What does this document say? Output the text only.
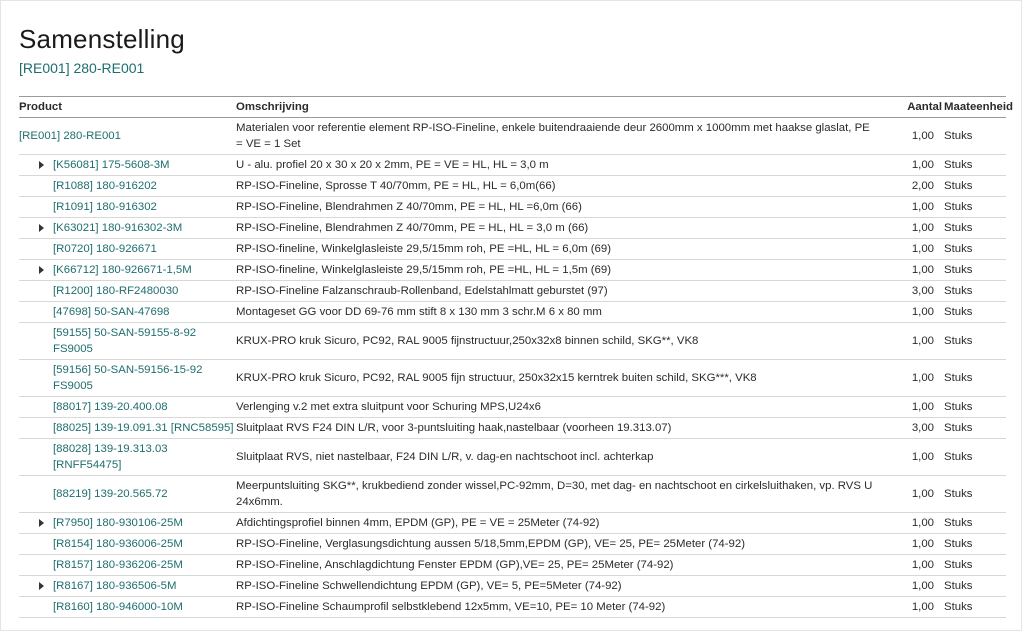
Samenstelling
[RE001] 280-RE001
Product	Omschrijving	Aantal	Maateenheid
[RE001] 280-RE001	Materialen voor referentie element RP-ISO-Fineline, enkele buitendraaiende deur 2600mm x 1000mm met haakse glaslat, PE = VE = 1 Set	1,00	Stuks

[K56081] 175-5608-3M	U - alu. profiel 20 x 30 x 20 x 2mm, PE = VE = HL, HL = 3,0 m	1,00	Stuks
[R1088] 180-916202	RP-ISO-Fineline, Sprosse T 40/70mm, PE = HL, HL = 6,0m(66)	2,00	Stuks
[R1091] 180-916302	RP-ISO-Fineline, Blendrahmen Z 40/70mm, PE = HL, HL =6,0m (66)	1,00	Stuks

[K63021] 180-916302-3M	RP-ISO-Fineline, Blendrahmen Z 40/70mm, PE = HL, HL = 3,0 m (66)	1,00	Stuks
[R0720] 180-926671	RP-ISO-fineline, Winkelglasleiste 29,5/15mm roh, PE =HL, HL = 6,0m (69)	1,00	Stuks

[K66712] 180-926671-1,5M	RP-ISO-fineline, Winkelglasleiste 29,5/15mm roh, PE =HL, HL = 1,5m (69)	1,00	Stuks
[R1200] 180-RF2480030	RP-ISO-Fineline Falzanschraub-Rollenband, Edelstahlmatt geburstet (97)	3,00	Stuks
[47698] 50-SAN-47698	Montageset GG voor DD 69-76 mm stift 8 x 130 mm 3 schr.M 6 x 80 mm	1,00	Stuks
[59155] 50-SAN-59155-8-92 FS9005	KRUX-PRO kruk Sicuro, PC92, RAL 9005 fijnstructuur,250x32x8 binnen schild, SKG**, VK8	1,00	Stuks
[59156] 50-SAN-59156-15-92 FS9005	KRUX-PRO kruk Sicuro, PC92, RAL 9005 fijn structuur, 250x32x15 kerntrek buiten schild, SKG***, VK8	1,00	Stuks
[88017] 139-20.400.08	Verlenging v.2 met extra sluitpunt voor Schuring MPS,U24x6	1,00	Stuks
[88025] 139-19.091.31 [RNC58595]	Sluitplaat RVS F24 DIN L/R, voor 3-puntsluiting haak,nastelbaar (voorheen 19.313.07)	3,00	Stuks
[88028] 139-19.313.03 [RNFF54475]	Sluitplaat RVS, niet nastelbaar, F24 DIN L/R, v. dag-en nachtschoot incl. achterkap	1,00	Stuks
[88219] 139-20.565.72	Meerpuntsluiting SKG**, krukbediend zonder wissel,PC-92mm, D=30, met dag- en nachtschoot en cirkelsluithaken, vp. RVS U 24x6mm.	1,00	Stuks

[R7950] 180-930106-25M	Afdichtingsprofiel binnen 4mm, EPDM (GP), PE = VE = 25Meter (74-92)	1,00	Stuks
[R8154] 180-936006-25M	RP-ISO-Fineline, Verglasungsdichtung aussen 5/18,5mm,EPDM (GP), VE= 25, PE= 25Meter (74-92)	1,00	Stuks
[R8157] 180-936206-25M	RP-ISO-Fineline, Anschlagdichtung Fenster EPDM (GP),VE= 25, PE= 25Meter (74-92)	1,00	Stuks

[R8167] 180-936506-5M	RP-ISO-Fineline Schwellendichtung EPDM (GP), VE= 5, PE=5Meter (74-92)	1,00	Stuks
[R8160] 180-946000-10M	RP-ISO-Fineline Schaumprofil selbstklebend 12x5mm, VE=10, PE= 10 Meter (74-92)	1,00	Stuks
